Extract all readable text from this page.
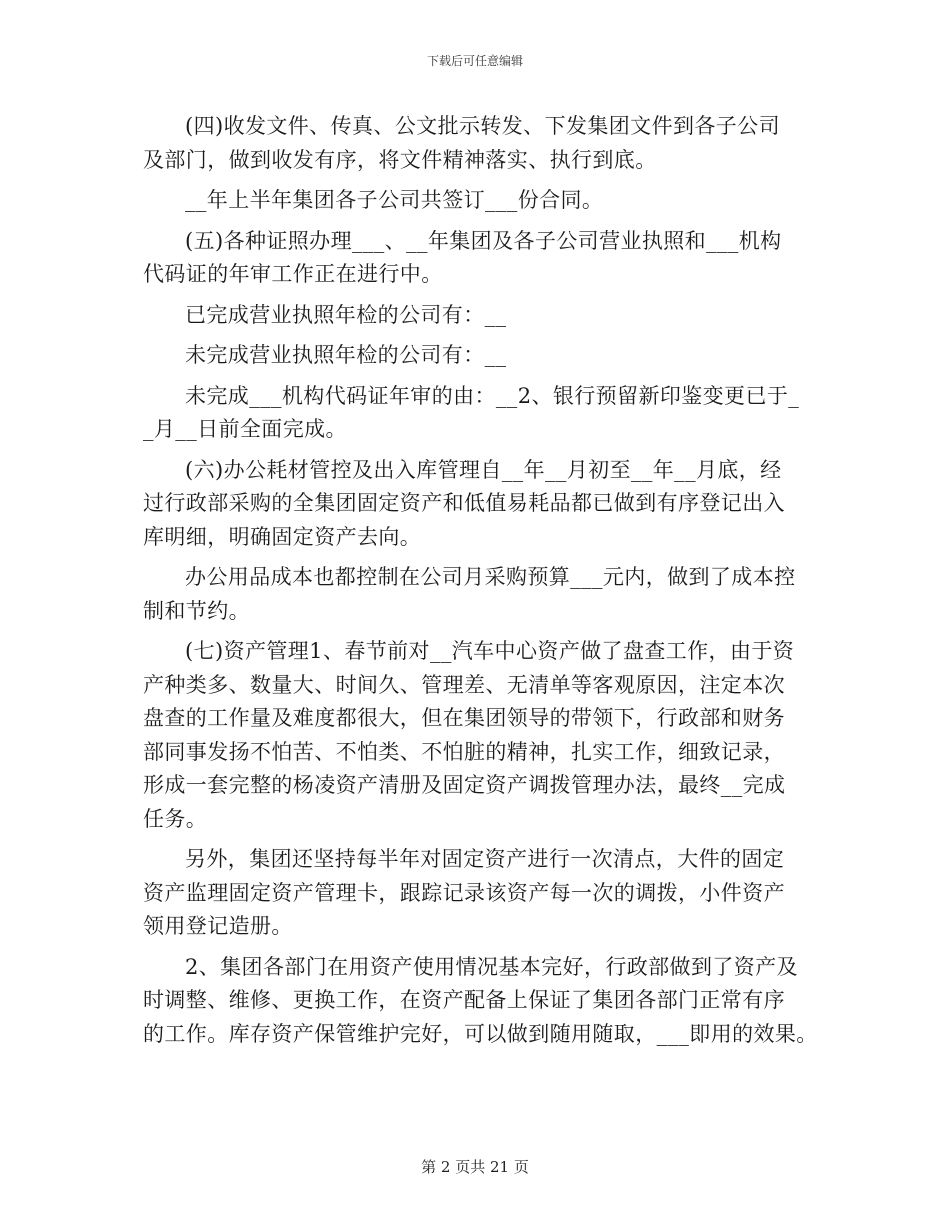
下载后可任意编辑
(四)收发文件、传真、公文批示转发、下发集团文件到各子公司
及部门，做到收发有序，将文件精神落实、执行到底。
__年上半年集团各子公司共签订___份合同。
(五)各种证照办理___、__年集团及各子公司营业执照和___机构
代码证的年审工作正在进行中。
已完成营业执照年检的公司有：__
未完成营业执照年检的公司有：__
未完成___机构代码证年审的由：__2、银行预留新印鉴变更已于_
_月__日前全面完成。
(六)办公耗材管控及出入库管理自__年__月初至__年__月底，经
过行政部采购的全集团固定资产和低值易耗品都已做到有序登记出入
库明细，明确固定资产去向。
办公用品成本也都控制在公司月采购预算___元内，做到了成本控
制和节约。
(七)资产管理1、春节前对__汽车中心资产做了盘查工作，由于资
产种类多、数量大、时间久、管理差、无清单等客观原因，注定本次
盘查的工作量及难度都很大，但在集团领导的带领下，行政部和财务
部同事发扬不怕苦、不怕类、不怕脏的精神，扎实工作，细致记录，
形成一套完整的杨凌资产清册及固定资产调拨管理办法，最终__完成
任务。
另外，集团还坚持每半年对固定资产进行一次清点，大件的固定
资产监理固定资产管理卡，跟踪记录该资产每一次的调拨，小件资产
领用登记造册。
2、集团各部门在用资产使用情况基本完好，行政部做到了资产及
时调整、维修、更换工作，在资产配备上保证了集团各部门正常有序
的工作。库存资产保管维护完好，可以做到随用随取，___即用的效果。
第 2 页共 21 页
